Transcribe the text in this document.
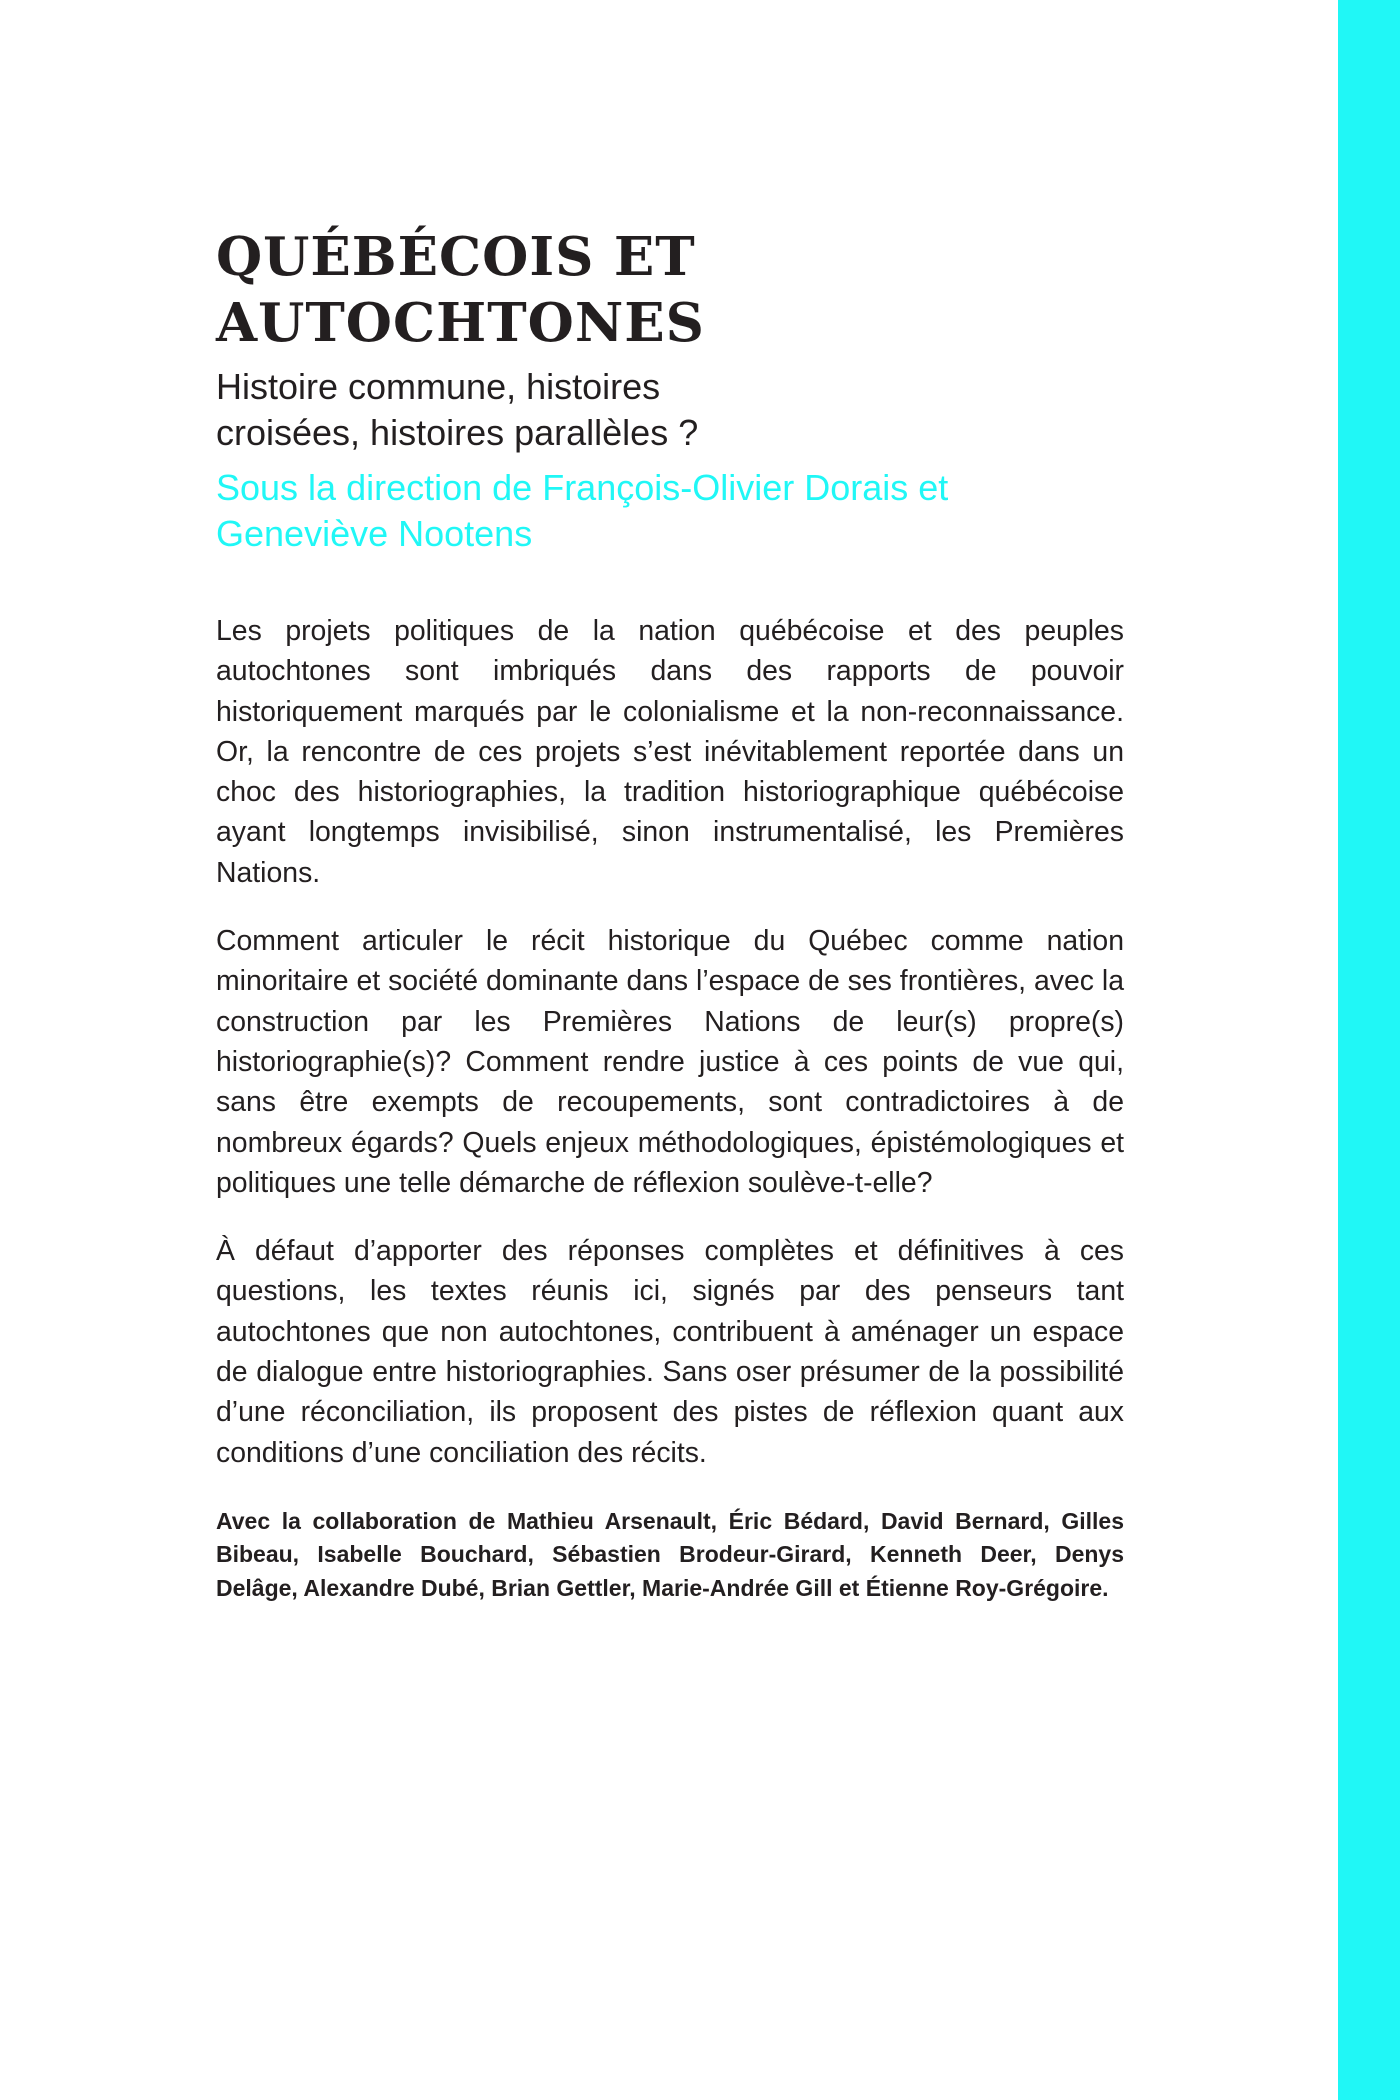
QUÉBÉCOIS ET AUTOCHTONES

Histoire commune, histoires croisées, histoires parallèles ?

Sous la direction de François-Olivier Dorais et Geneviève Nootens

Les projets politiques de la nation québécoise et des peuples autochtones sont imbriqués dans des rapports de pouvoir historiquement marqués par le colonialisme et la non-reconnaissance. Or, la rencontre de ces projets s’est inévitablement reportée dans un choc des historiographies, la tradition historiographique québécoise ayant longtemps invisibilisé, sinon instrumentalisé, les Premières Nations.

Comment articuler le récit historique du Québec comme nation minoritaire et société dominante dans l’espace de ses frontières, avec la construction par les Premières Nations de leur(s) propre(s) historiographie(s)? Comment rendre justice à ces points de vue qui, sans être exempts de recoupements, sont contradictoires à de nombreux égards? Quels enjeux méthodologiques, épistémologiques et politiques une telle démarche de réflexion soulève-t-elle?

À défaut d’apporter des réponses complètes et définitives à ces questions, les textes réunis ici, signés par des penseurs tant autochtones que non autochtones, contribuent à aménager un espace de dialogue entre historiographies. Sans oser présumer de la possibilité d’une réconciliation, ils proposent des pistes de réflexion quant aux conditions d’une conciliation des récits.

Avec la collaboration de Mathieu Arsenault, Éric Bédard, David Bernard, Gilles Bibeau, Isabelle Bouchard, Sébastien Brodeur-Girard, Kenneth Deer, Denys Delâge, Alexandre Dubé, Brian Gettler, Marie-Andrée Gill et Étienne Roy-Grégoire.
